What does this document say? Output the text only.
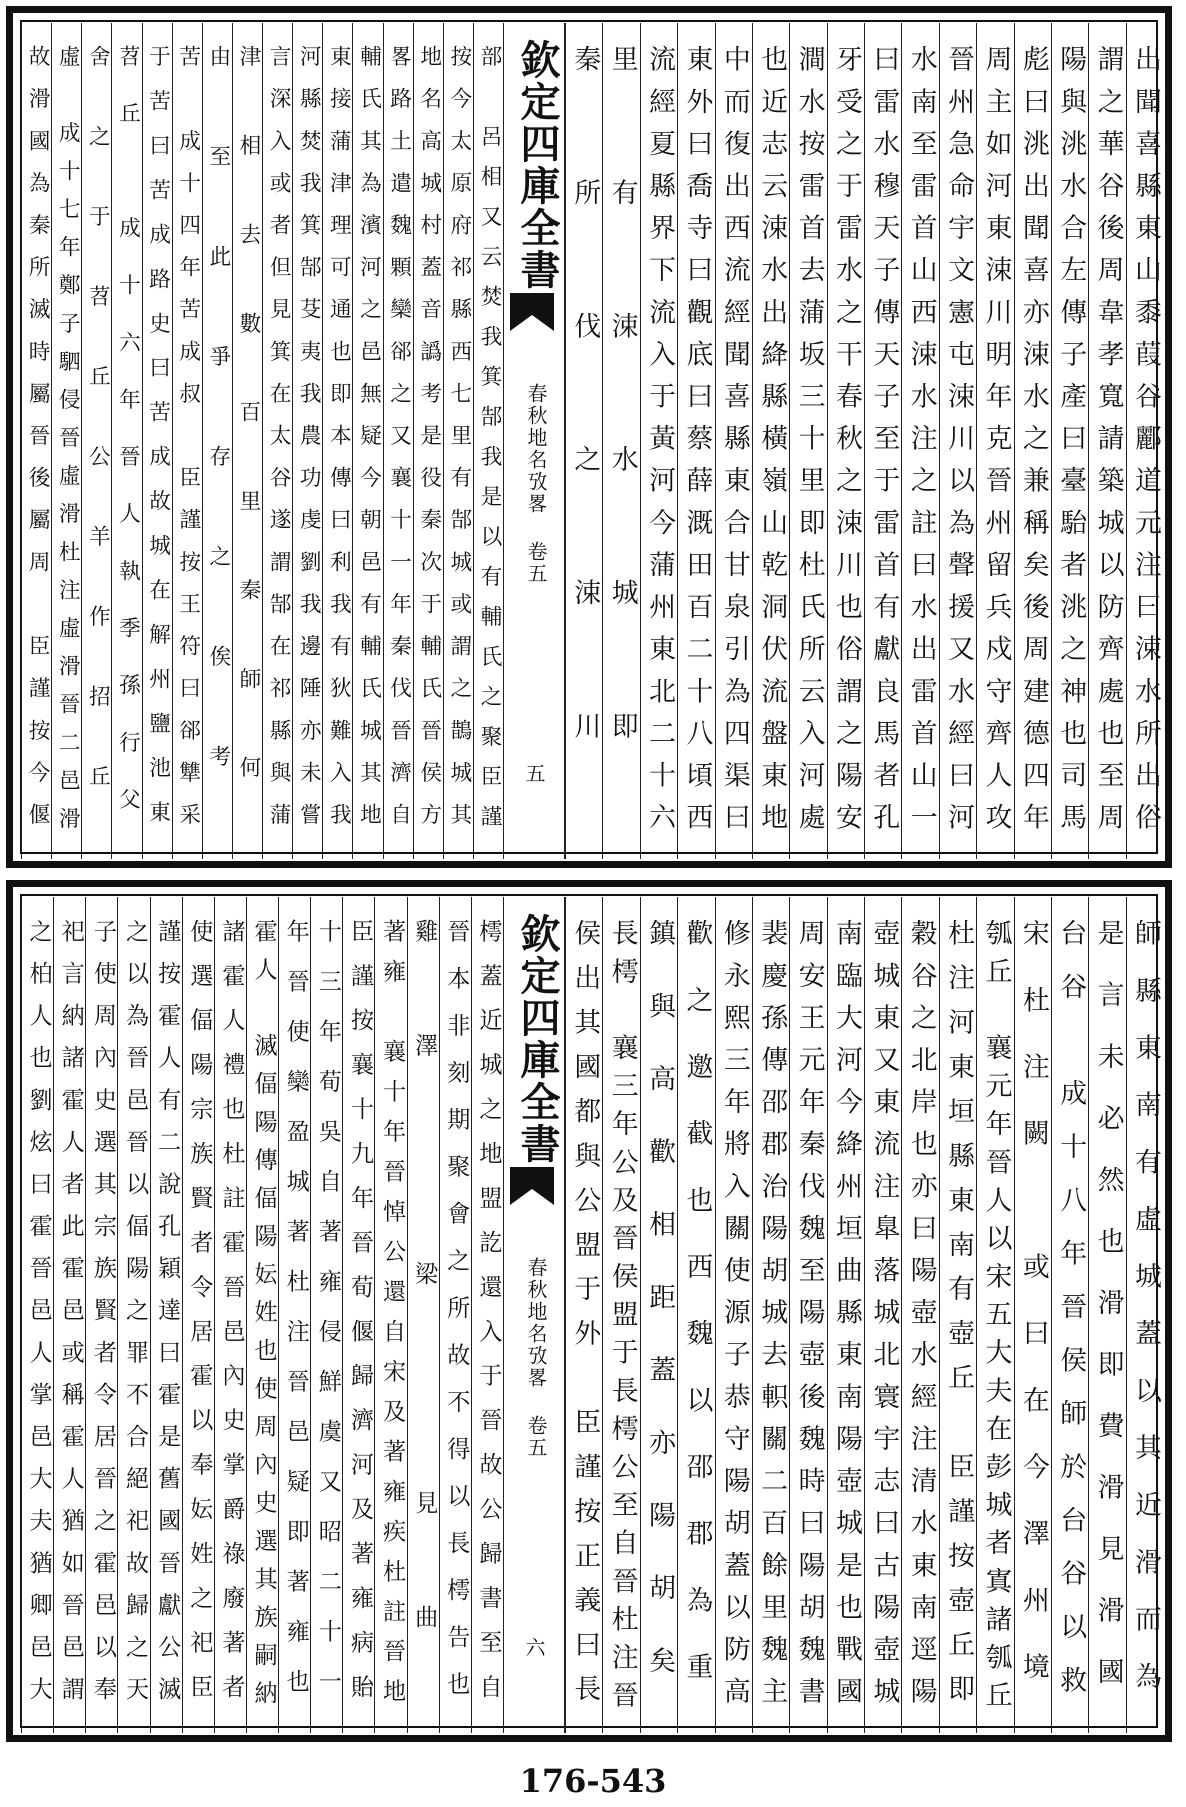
欽定四庫全書
春秋地名攷畧 卷五
五	出聞喜縣東山黍葭谷酈道元注曰涑水所出俗
謂之華谷後周韋孝寬請築城以防齊處也至周
陽與洮水合左傳子產曰臺駘者洮之神也司馬
彪曰洮出聞喜亦涑水之兼稱矣後周建德四年
周主如河東涑川明年克晉州留兵戍守齊人攻
晉州急命宇文憲屯涑川以為聲援又水經曰河
水南至雷首山西涑水注之註曰水出雷首山一
曰雷水穆天子傳天子至于雷首有獻良馬者孔
牙受之于雷水之干春秋之涑川也俗謂之陽安
澗水按雷首去蒲坂三十里即杜氏所云入河處
也近志云涑水出絳縣橫嶺山乾洞伏流盤東地
中而復出西流經聞喜縣東合甘泉引為四渠曰
東外曰喬寺曰觀底曰蔡薛溉田百二十八頃西
流經夏縣界下流入于黃河今蒲州東北二十六
里有涑水城即
秦所伐之涑川
部　呂相又云焚我箕郜我是以有輔氏之聚臣謹
按今太原府祁縣西七里有郜城或謂之鵲城其
地名高城村蓋音譌考是役秦次于輔氏晉侯方
畧路土遣魏顆欒郤之又襄十一年秦伐晉濟自
輔氏其為濱河之邑無疑今朝邑有輔氏城其地
東接蒲津理可通也即本傳曰利我有狄難入我
河縣焚我箕郜芟夷我農功虔劉我邊陲亦未嘗
言深入或者但見箕在太谷遂謂郜在祁縣與蒲
津相去數百里秦師何
由至此爭存之俟考
苦　成十四年苦成叔　臣謹按王符曰郤犨采
于苦曰苦成路史曰苦成故城在解州鹽池東
苕丘　成十六年晉人執季孫行父
舍之于苕丘公羊作招丘
虛　成十七年鄭子駟侵晉虛滑杜注虛滑晉二邑滑
故滑國為秦所滅時屬晉後屬周　臣謹按今偃
欽定四庫全書
春秋地名攷畧 卷五
六	師縣東南有虛城蓋以其近滑而為
是言未必然也滑即費滑見滑國
台谷　成十八年晉侯師於台谷以救
宋杜注闕　或曰在今澤州境
瓠丘　襄元年晉人以宋五大夫在彭城者寘諸瓠丘
杜注河東垣縣東南有壺丘　臣謹按壺丘即
穀谷之北岸也亦曰陽壺水經注清水東南逕陽
壺城東又東流注臯落城北寰宇志曰古陽壺城
南臨大河今絳州垣曲縣東南陽壺城是也戰國
周安王元年秦伐魏至陽壺後魏時曰陽胡魏書
裴慶孫傳邵郡治陽胡城去軹關二百餘里魏主
修永熙三年將入關使源子恭守陽胡蓋以防高
歡之邀截也西魏以邵郡為重
鎮與高歡相距蓋亦陽胡矣
長樗　襄三年公及晉侯盟于長樗公至自晉杜注晉
侯出其國都與公盟于外　臣謹按正義曰長
樗蓋近城之地盟訖還入于晉故公歸書至自
晉本非刻期聚會之所故不得以長樗告也
雞澤　梁　見曲
著雍　襄十年晉悼公還自宋及著雍疾杜註晉地
臣謹按襄十九年晉荀偃歸濟河及著雍病貽
十三年荀吳自著雍侵鮮虞又昭二十一
年晉使欒盈城著杜注晉邑疑即著雍也
霍人　滅偪陽傳偪陽妘姓也使周內史選其族嗣納
諸霍人禮也杜註霍晉邑內史掌爵祿廢著者
使選偪陽宗族賢者令居霍以奉妘姓之祀臣
謹按霍人有二說孔穎達曰霍是舊國晉獻公滅
之以為晉邑晉以偪陽之罪不合絕祀故歸之天
子使周內史選其宗族賢者令居晉之霍邑以奉
祀言納諸霍人者此霍邑或稱霍人猶如晉邑謂
之柏人也劉炫曰霍晉邑人掌邑大夫猶卿邑大
176-543
